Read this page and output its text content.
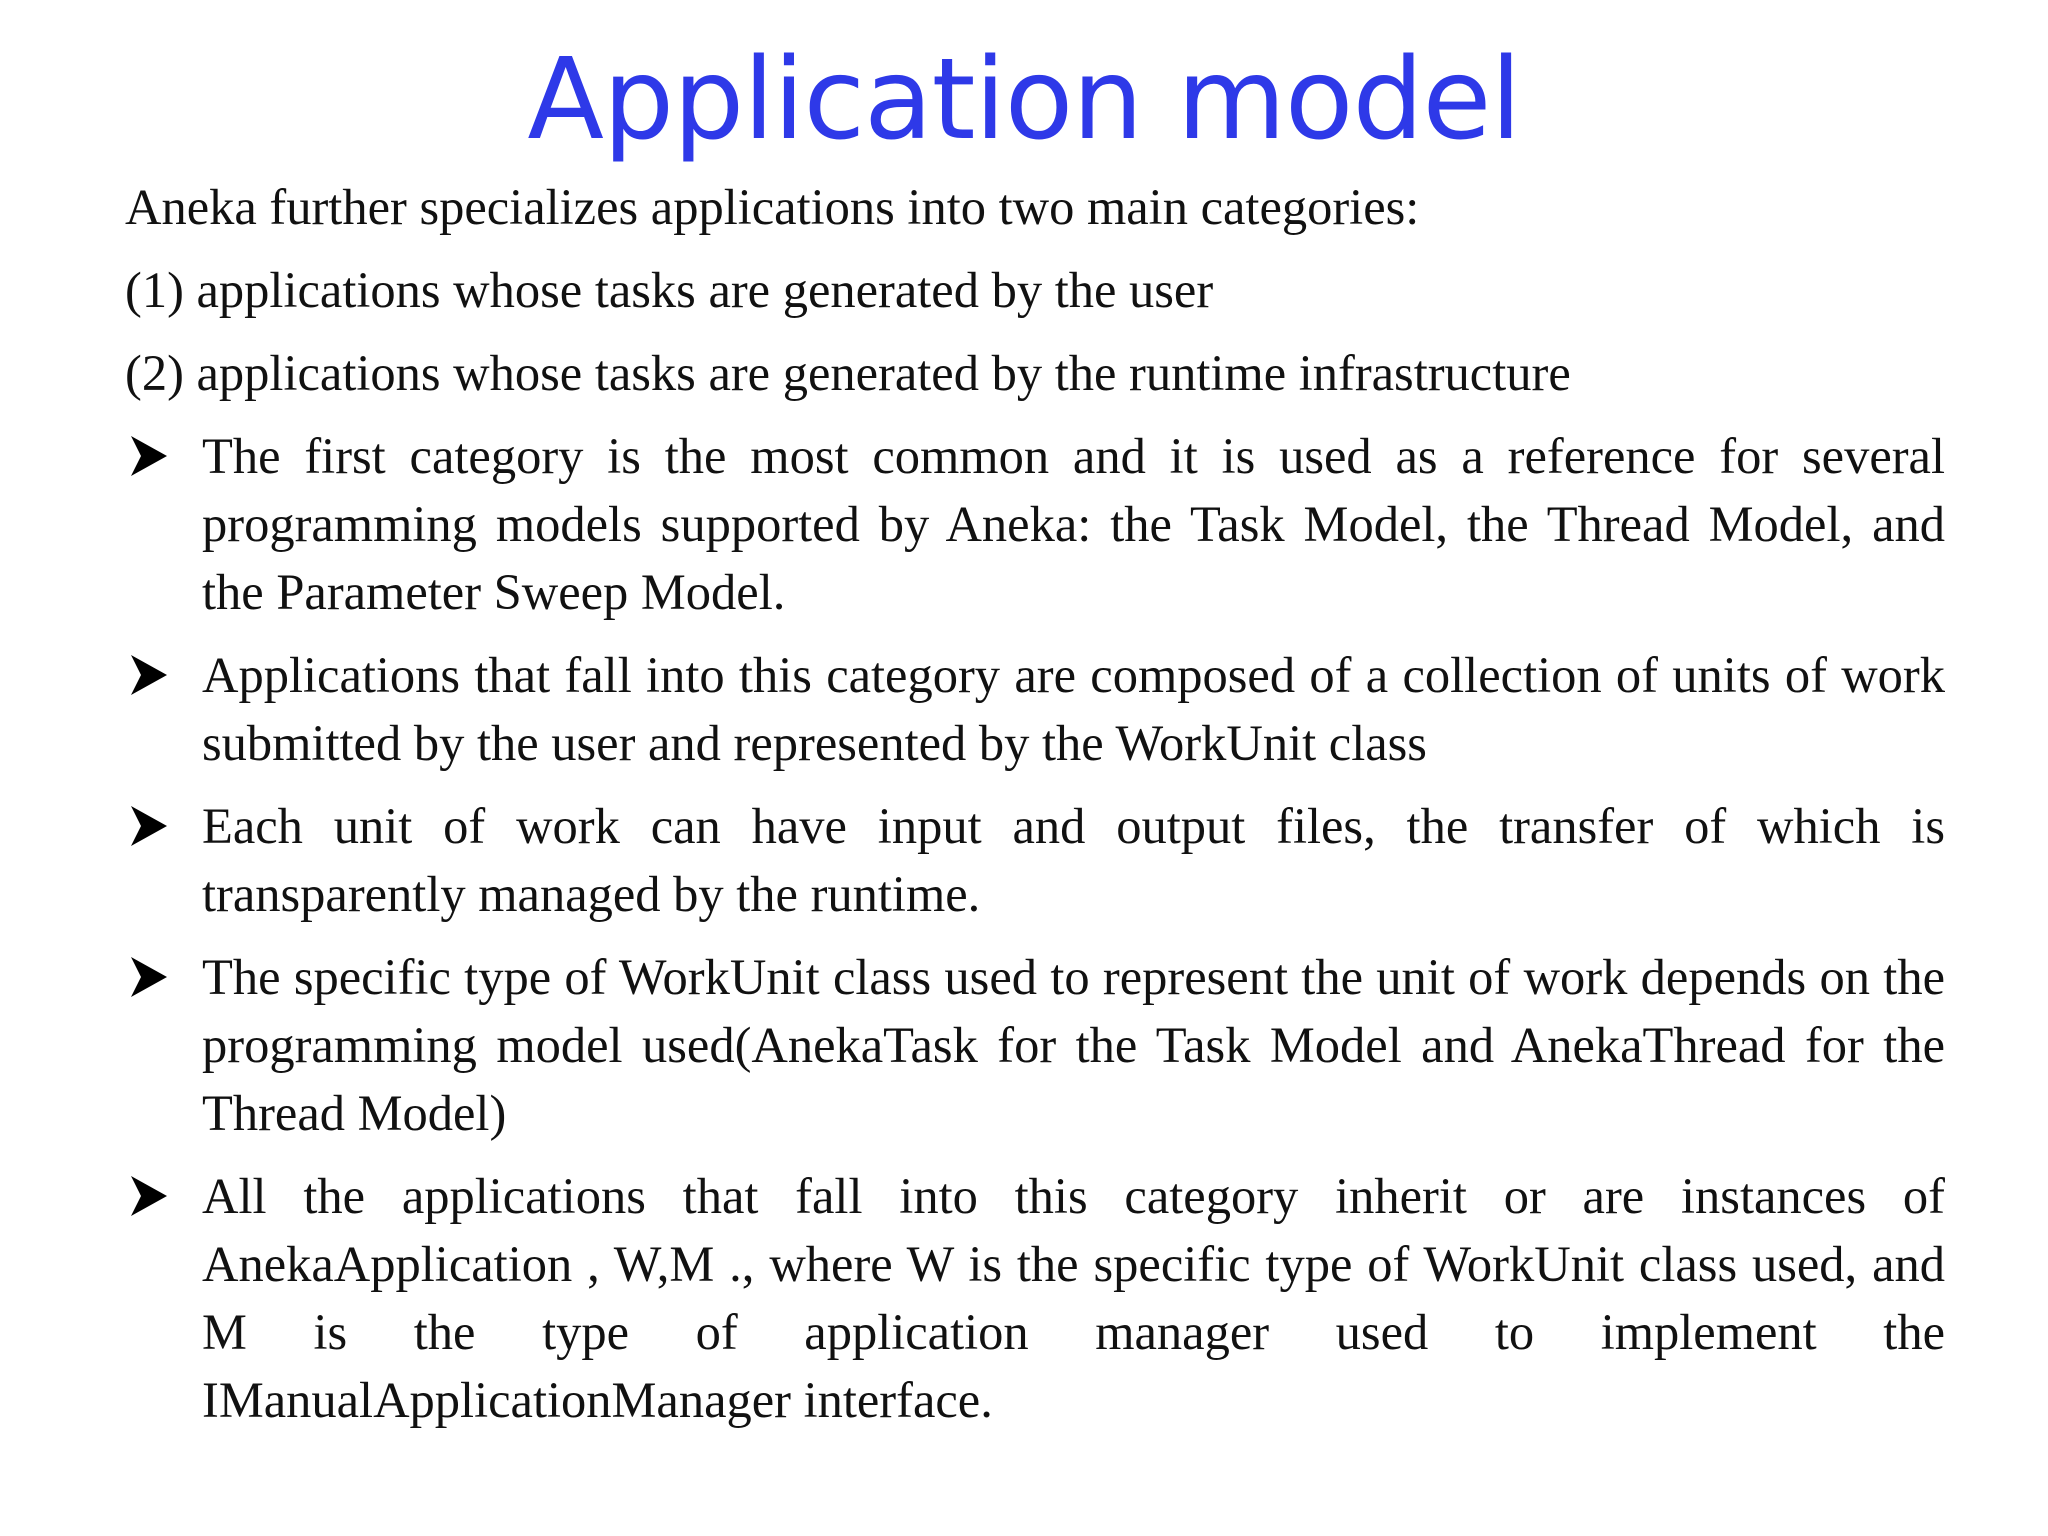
Application model

Aneka further specializes applications into two main categories:

(1) applications whose tasks are generated by the user

(2) applications whose tasks are generated by the runtime infrastructure

The first category is the most common and it is used as a reference for several programming models supported by Aneka: the Task Model, the Thread Model, and the Parameter Sweep Model.
Applications that fall into this category are composed of a collection of units of work submitted by the user and represented by the WorkUnit class
Each unit of work can have input and output files, the transfer of which is transparently managed by the runtime.
The specific type of WorkUnit class used to represent the unit of work depends on the programming model used(AnekaTask for the Task Model and AnekaThread for the Thread Model)
All the applications that fall into this category inherit or are instances of AnekaApplication , W,M ., where W is the specific type of WorkUnit class used, and M is the type of application manager used to implement the IManualApplicationManager interface.
